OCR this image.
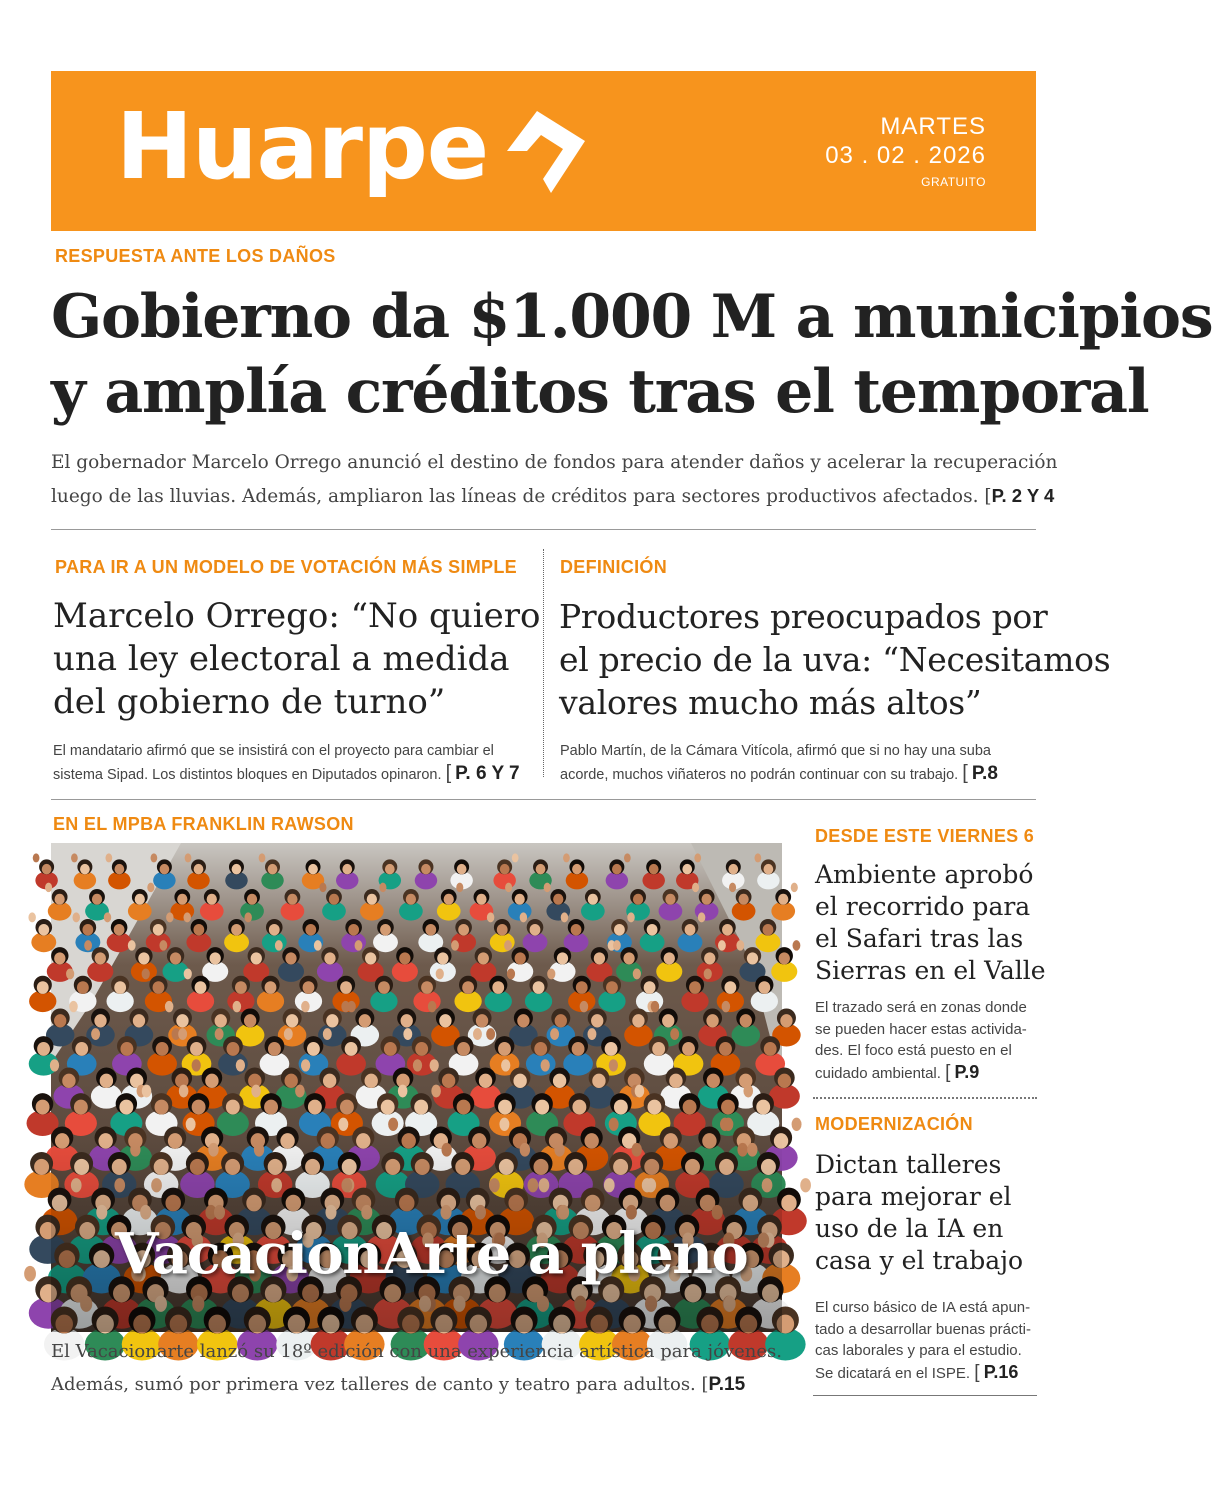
Huarpe	MARTES
03 . 02 . 2026
GRATUITO
RESPUESTA ANTE LOS DAÑOS
Gobierno da $1.000 M a municipios
y amplía créditos tras el temporal
El gobernador Marcelo Orrego anunció el destino de fondos para atender daños y acelerar la recuperación
luego de las lluvias. Además, ampliaron las líneas de créditos para sectores productivos afectados. [P. 2 Y 4
PARA IR A UN MODELO DE VOTACIÓN MÁS SIMPLE
Marcelo Orrego: “No quiero
una ley electoral a medida
del gobierno de turno”
El mandatario afirmó que se insistirá con el proyecto para cambiar el
sistema Sipad. Los distintos bloques en Diputados opinaron. [ P. 6 Y 7
DEFINICIÓN
Productores preocupados por
el precio de la uva: “Necesitamos
valores mucho más altos”
Pablo Martín, de la Cámara Vitícola, afirmó que si no hay una suba
acorde, muchos viñateros no podrán continuar con su trabajo. [ P.8
EN EL MPBA FRANKLIN RAWSON
VacacionArte a pleno
El Vacacionarte lanzó su 18º edición con una experiencia artística para jóvenes.
Además, sumó por primera vez talleres de canto y teatro para adultos. [P.15
DESDE ESTE VIERNES 6
Ambiente aprobó
el recorrido para
el Safari tras las
Sierras en el Valle
El trazado será en zonas donde
se pueden hacer estas activida-
des. El foco está puesto en el
cuidado ambiental. [ P.9
MODERNIZACIÓN
Dictan talleres
para mejorar el
uso de la IA en
casa y el trabajo
El curso básico de IA está apun-
tado a desarrollar buenas prácti-
cas laborales y para el estudio.
Se dicatará en el ISPE. [ P.16
